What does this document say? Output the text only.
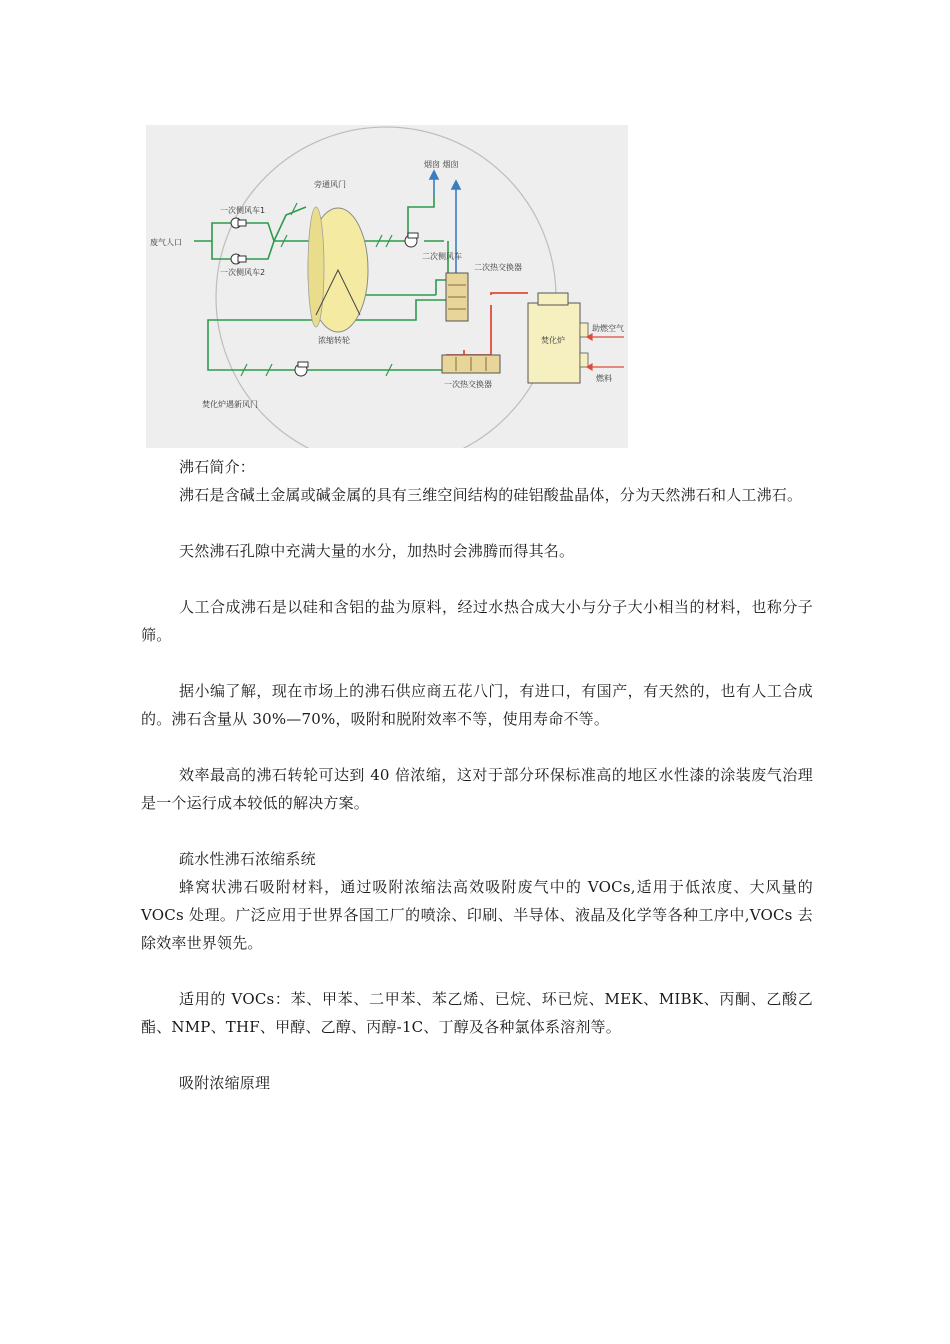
废气人口
一次侧风车1
一次侧风车2
旁通风门
烟囱 烟囱
二次侧风车
二次热交换器
浓缩转轮	焚化炉
助燃空气
燃料
一次热交换器
焚化炉遇新风门

沸石简介：

沸石是含碱土金属或碱金属的具有三维空间结构的硅铝酸盐晶体，分为天然沸石和人工沸石。

天然沸石孔隙中充满大量的水分，加热时会沸腾而得其名。

人工合成沸石是以硅和含铝的盐为原料，经过水热合成大小与分子大小相当的材料，也称分子筛。

据小编了解，现在市场上的沸石供应商五花八门，有进口，有国产，有天然的，也有人工合成的。沸石含量从 30%—70%，吸附和脱附效率不等，使用寿命不等。

效率最高的沸石转轮可达到 40 倍浓缩，这对于部分环保标准高的地区水性漆的涂装废气治理是一个运行成本较低的解决方案。

疏水性沸石浓缩系统

蜂窝状沸石吸附材料，通过吸附浓缩法高效吸附废气中的 VOCs,适用于低浓度、大风量的 VOCs 处理。广泛应用于世界各国工厂的喷涂、印刷、半导体、液晶及化学等各种工序中,VOCs 去除效率世界领先。

适用的 VOCs：苯、甲苯、二甲苯、苯乙烯、已烷、环已烷、MEK、MIBK、丙酮、乙酸乙酯、NMP、THF、甲醇、乙醇、丙醇-1C、丁醇及各种氯体系溶剂等。

吸附浓缩原理
